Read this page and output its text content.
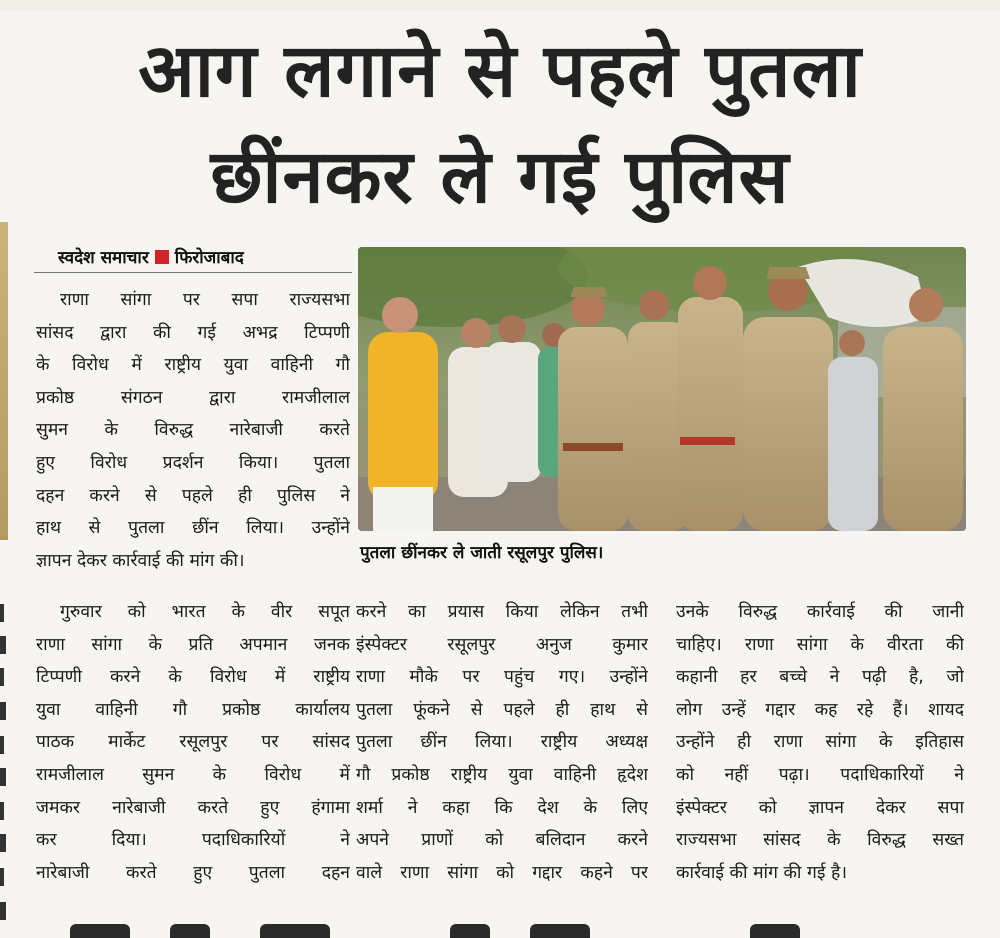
आग लगाने से पहले पुतला
छींनकर ले गई पुलिस
स्वदेश समाचार फिरोजाबाद
राणा सांगा पर सपा राज्यसभा
सांसद द्वारा की गई अभद्र टिप्पणी
के विरोध में राष्ट्रीय युवा वाहिनी गौ
प्रकोष्ठ संगठन द्वारा रामजीलाल
सुमन के विरुद्ध नारेबाजी करते
हुए विरोध प्रदर्शन किया। पुतला
दहन करने से पहले ही पुलिस ने
हाथ से पुतला छींन लिया। उन्होंने
ज्ञापन देकर कार्रवाई की मांग की।
गुरुवार को भारत के वीर सपूत
राणा सांगा के प्रति अपमान जनक
टिप्पणी करने के विरोध में राष्ट्रीय
युवा वाहिनी गौ प्रकोष्ठ कार्यालय
पाठक मार्केट रसूलपुर पर सांसद
रामजीलाल सुमन के विरोध में
जमकर नारेबाजी करते हुए हंगामा
कर दिया। पदाधिकारियों ने
नारेबाजी करते हुए पुतला दहन
पुतला छींनकर ले जाती रसूलपुर पुलिस।
करने का प्रयास किया लेकिन तभी
इंस्पेक्टर रसूलपुर अनुज कुमार
राणा मौके पर पहुंच गए। उन्होंने
पुतला फूंकने से पहले ही हाथ से
पुतला छींन लिया। राष्ट्रीय अध्यक्ष
गौ प्रकोष्ठ राष्ट्रीय युवा वाहिनी हृदेश
शर्मा ने कहा कि देश के लिए
अपने प्राणों को बलिदान करने
वाले राणा सांगा को गद्दार कहने पर
उनके विरुद्ध कार्रवाई की जानी
चाहिए। राणा सांगा के वीरता की
कहानी हर बच्चे ने पढ़ी है, जो
लोग उन्हें गद्दार कह रहे हैं। शायद
उन्होंने ही राणा सांगा के इतिहास
को नहीं पढ़ा। पदाधिकारियों ने
इंस्पेक्टर को ज्ञापन देकर सपा
राज्यसभा सांसद के विरुद्ध सख्त
कार्रवाई की मांग की गई है।
